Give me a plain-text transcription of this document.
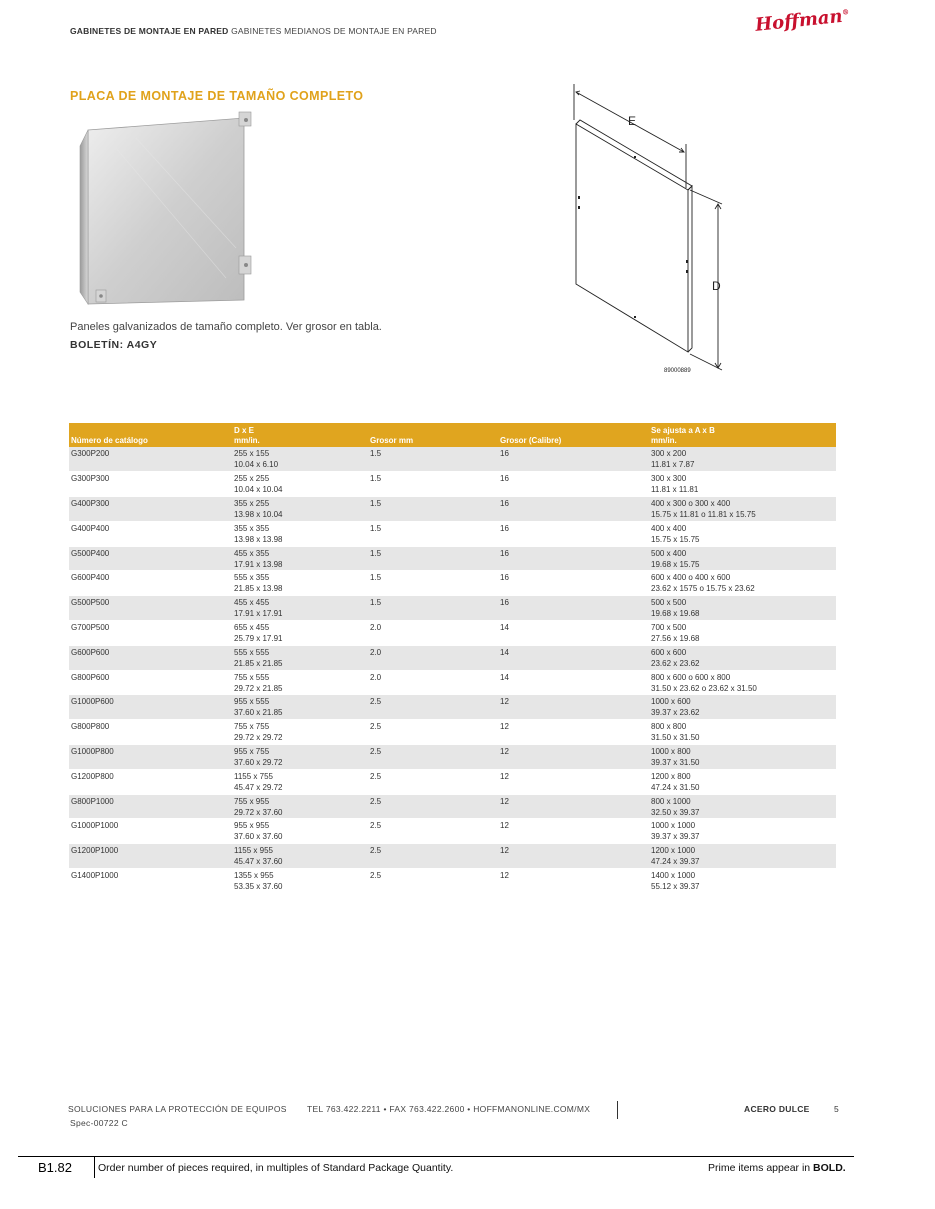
GABINETES DE MONTAJE EN PARED GABINETES MEDIANOS DE MONTAJE EN PARED	Hoffman®
PLACA DE MONTAJE DE TAMAÑO COMPLETO
E
D
89000889
Paneles galvanizados de tamaño completo. Ver grosor en tabla.
BOLETÍN: A4GY
Número de catálogo	D x E
mm/in.	Grosor mm	Grosor (Calibre)	Se ajusta a A x B
mm/in.

G300P200	255 x 155
10.04 x 6.10	1.5	16	300 x 200
11.81 x 7.87

G300P300	255 x 255
10.04 x 10.04	1.5	16	300 x 300
11.81 x 11.81

G400P300	355 x 255
13.98 x 10.04	1.5	16	400 x 300 o 300 x 400
15.75 x 11.81 o 11.81 x 15.75

G400P400	355 x 355
13.98 x 13.98	1.5	16	400 x 400
15.75 x 15.75

G500P400	455 x 355
17.91 x 13.98	1.5	16	500 x 400
19.68 x 15.75

G600P400	555 x 355
21.85 x 13.98	1.5	16	600 x 400 o 400 x 600
23.62 x 1575 o 15.75 x 23.62

G500P500	455 x 455
17.91 x 17.91	1.5	16	500 x 500
19.68 x 19.68

G700P500	655 x 455
25.79 x 17.91	2.0	14	700 x 500
27.56 x 19.68

G600P600	555 x 555
21.85 x 21.85	2.0	14	600 x 600
23.62 x 23.62

G800P600	755 x 555
29.72 x 21.85	2.0	14	800 x 600 o 600 x 800
31.50 x 23.62 o 23.62 x 31.50

G1000P600	955 x 555
37.60 x 21.85	2.5	12	1000 x 600
39.37 x 23.62

G800P800	755 x 755
29.72 x 29.72	2.5	12	800 x 800
31.50 x 31.50

G1000P800	955 x 755
37.60 x 29.72	2.5	12	1000 x 800
39.37 x 31.50

G1200P800	1155 x 755
45.47 x 29.72	2.5	12	1200 x 800
47.24 x 31.50

G800P1000	755 x 955
29.72 x 37.60	2.5	12	800 x 1000
32.50 x 39.37

G1000P1000	955 x 955
37.60 x 37.60	2.5	12	1000 x 1000
39.37 x 39.37

G1200P1000	1155 x 955
45.47 x 37.60	2.5	12	1200 x 1000
47.24 x 39.37

G1400P1000	1355 x 955
53.35 x 37.60	2.5	12	1400 x 1000
55.12 x 39.37
SOLUCIONES PARA LA PROTECCIÓN DE EQUIPOS TEL 763.422.2211 • FAX 763.422.2600 • HOFFMANONLINE.COM/MX	ACERO DULCE	5
Spec-00722 C
B1.82 Order number of pieces required, in multiples of Standard Package Quantity.	Prime items appear in BOLD.
